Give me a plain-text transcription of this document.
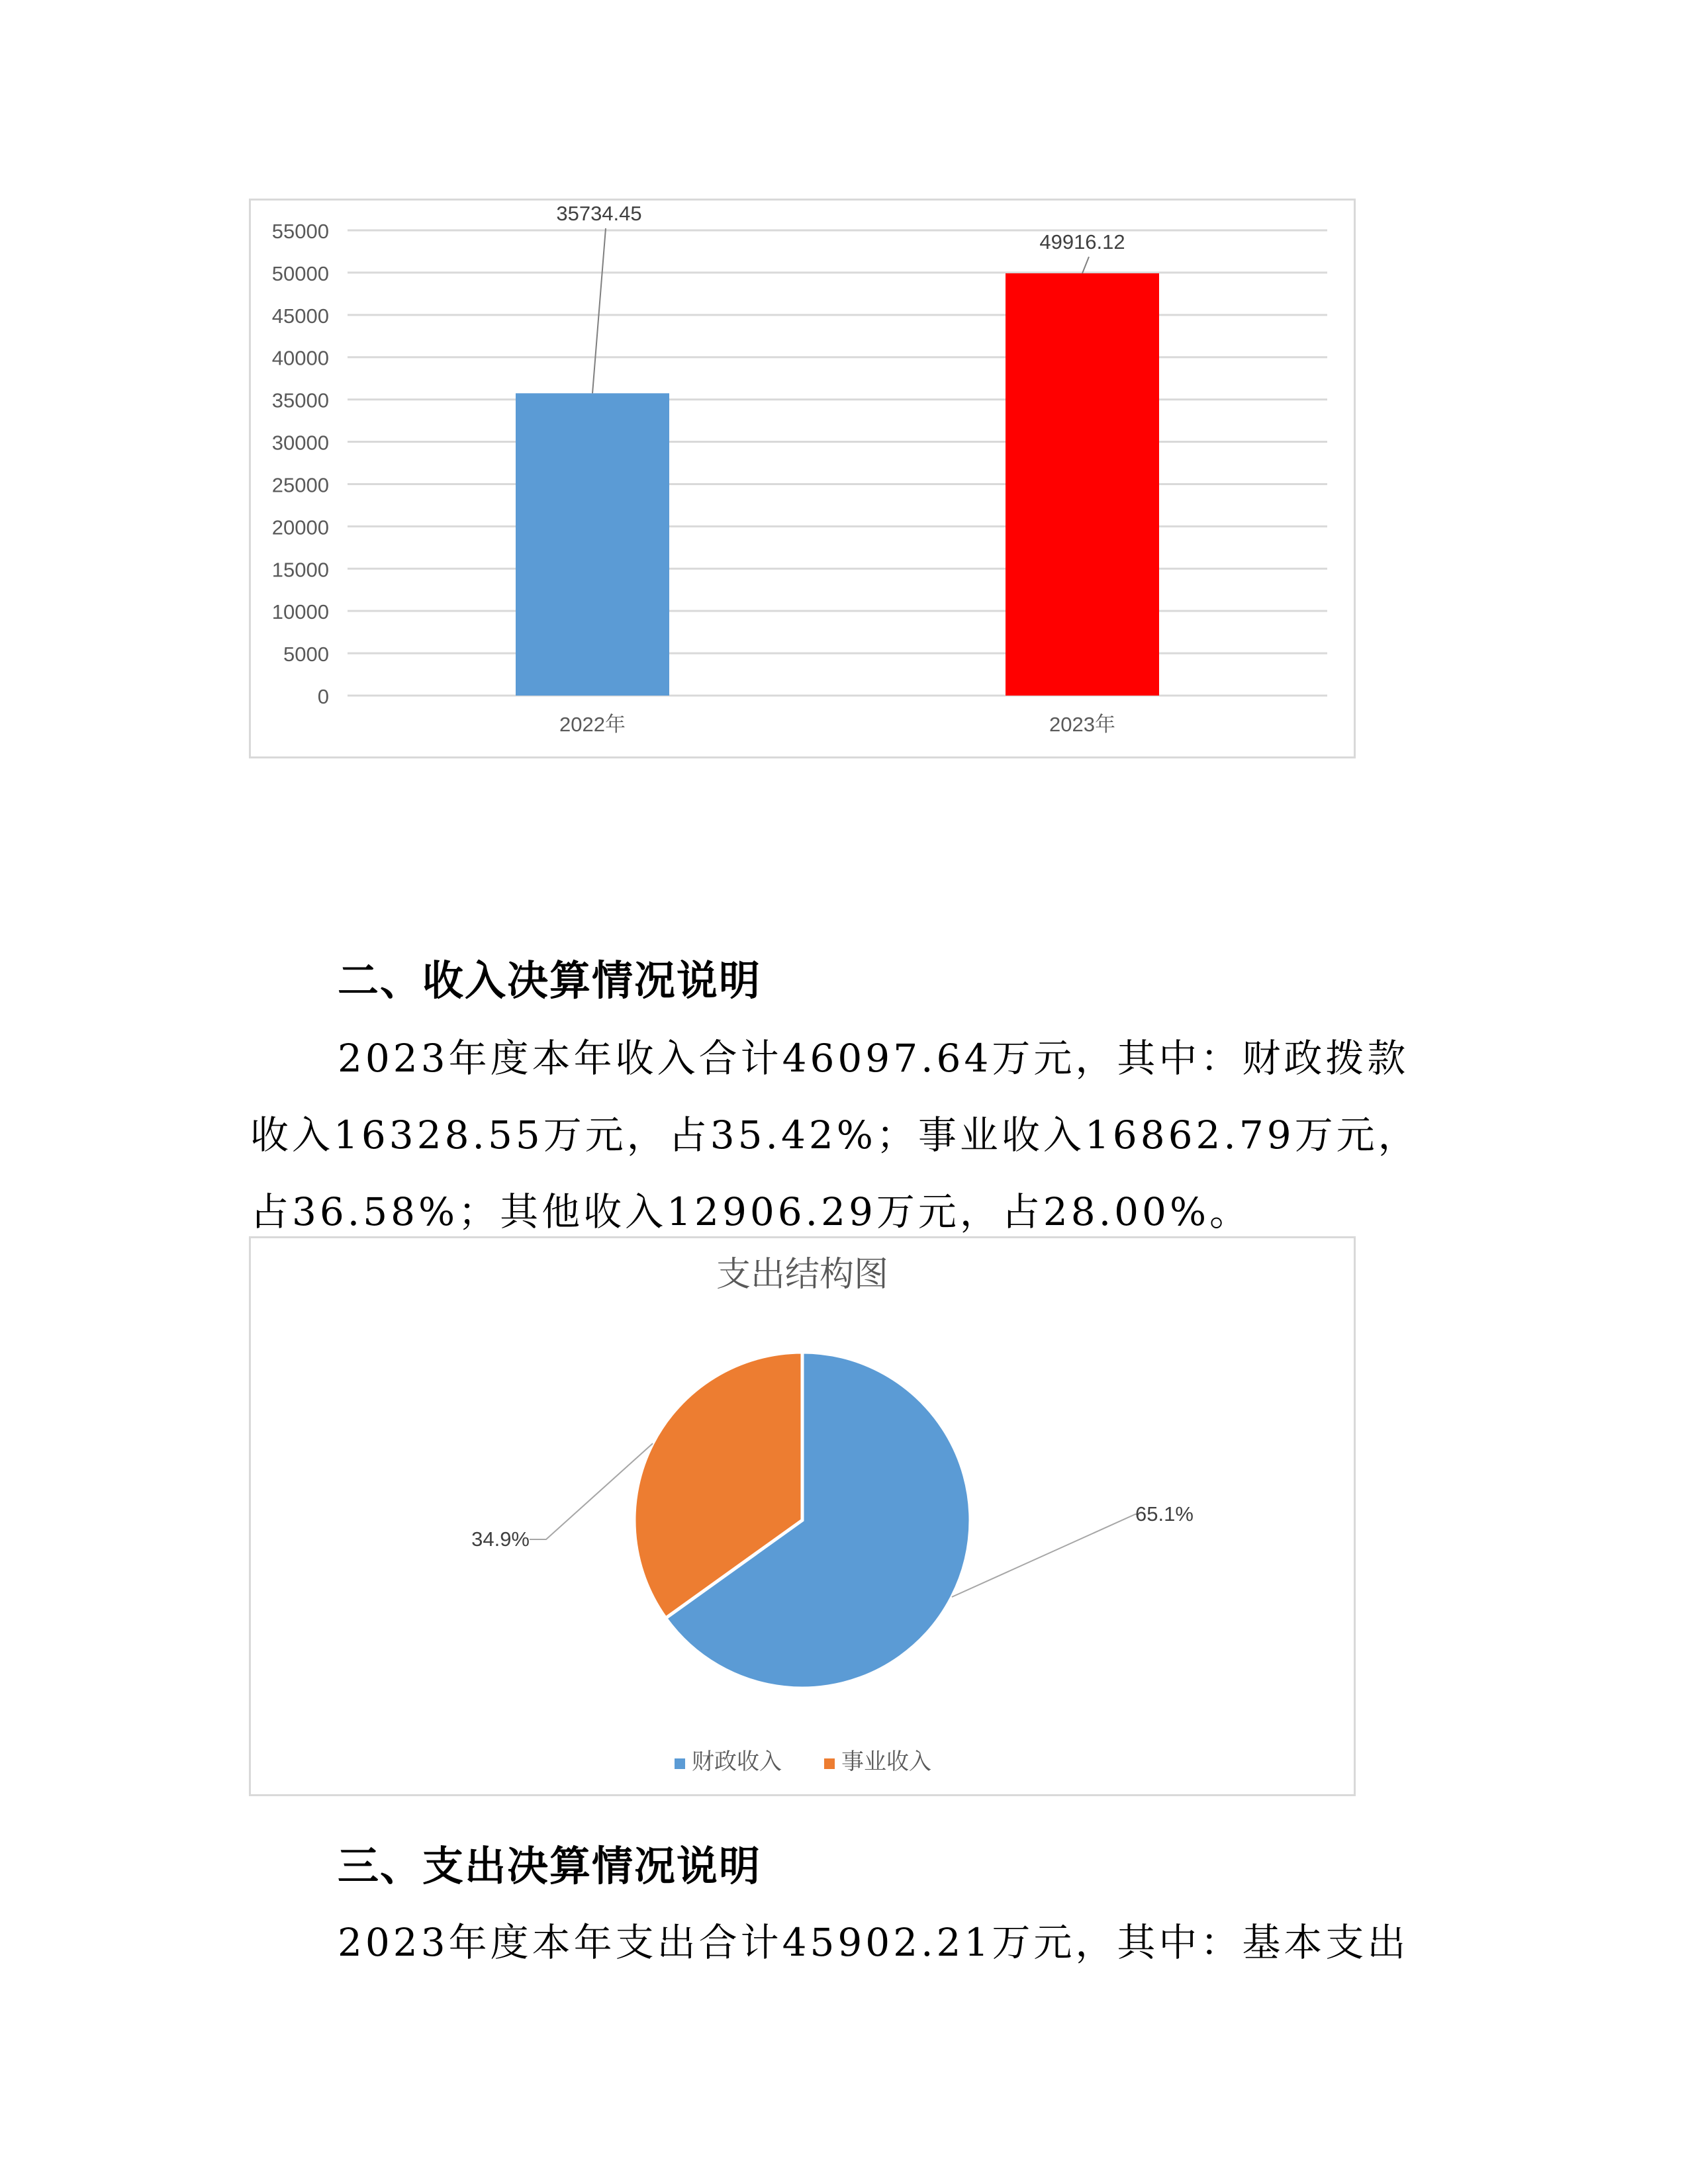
0
5000
10000
15000
20000
25000
30000
35000
40000
45000
50000
55000
35734.45
2022年
49916.12
2023年
二、收入决算情况说明
2023年度本年收入合计46097.64万元，其中：财政拨款
收入16328.55万元，占35.42%；事业收入16862.79万元，
占36.58%；其他收入12906.29万元，占28.00%。
支出结构图
65.1%
34.9%
财政收入	事业收入
三、支出决算情况说明
2023年度本年支出合计45902.21万元，其中：基本支出
